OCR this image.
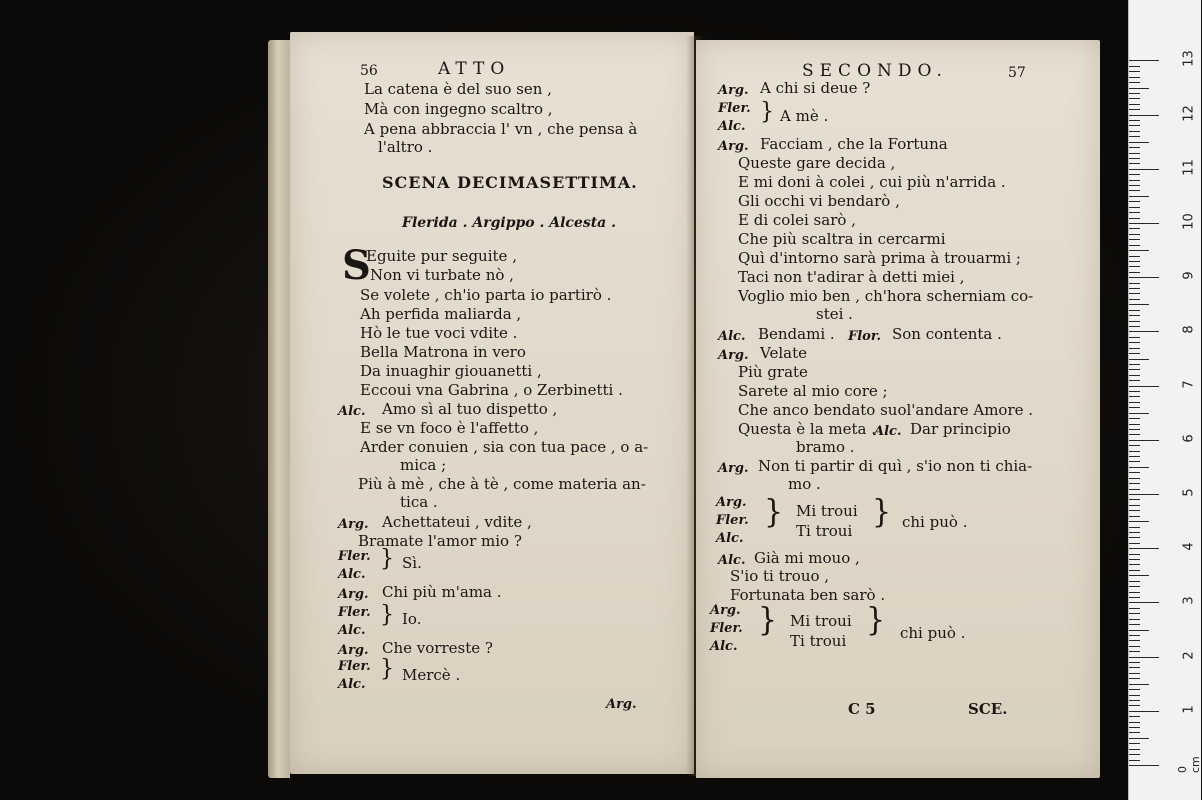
56	ATTO
La catena è del suo sen ,
Mà con ingegno scaltro ,
A pena abbraccia l' vn , che pensa à
l'altro .
SCENA DECIMASETTIMA.
Flerida . Argippo . Alcesta .
S
Eguite pur seguite ,
Non vi turbate nò ,
Se volete , ch'io parta io partirò .
Ah perfida maliarda ,
Hò le tue voci vdite .
Bella Matrona in vero
Da inuaghir giouanetti ,
Eccoui vna Gabrina , o Zerbinetti .
Alc. Amo sì al tuo dispetto ,
E se vn foco è l'affetto ,
Arder conuien , sia con tua pace , o a-
mica ;
Più à mè , che à tè , come materia an-
tica .
Arg. Achettateui , vdite ,
Bramate l'amor mio ?
Fler.
Alc.
} Sì.
Arg. Chi più m'ama .
Fler.
Alc.
} Io.
Arg. Che vorreste ?
Fler.
Alc.
} Mercè .
Arg.
SECONDO.	57
Arg. A chi si deue ?
Fler.
Alc.
} A mè .
Arg. Facciam , che la Fortuna
Queste gare decida ,
E mi doni à colei , cui più n'arrida .
Gli occhi vi bendarò ,
E di colei sarò ,
Che più scaltra in cercarmi
Quì d'intorno sarà prima à trouarmi ;
Taci non t'adirar à detti miei ,
Voglio mio ben , ch'hora scherniam co-
stei .
Alc. Bendami . Flor. Son contenta .
Arg. Velate
Più grate
Sarete al mio core ;
Che anco bendato suol'andare Amore .
Questa è la meta .
Alc. Dar principio
bramo .
Arg. Non ti partir di quì , s'io non ti chia-
mo .
Arg.
Fler.
Alc.
} Mi troui
Ti troui
} chi può .
Alc. Già mi mouo ,
S'io ti trouo ,
Fortunata ben sarò .
Arg.
Fler.
Alc.
} Mi troui
Ti troui
} chi può .
C 5	SCE.
0 cm
1
2
3
4
5
6
7
8
9
10
11
12
13
